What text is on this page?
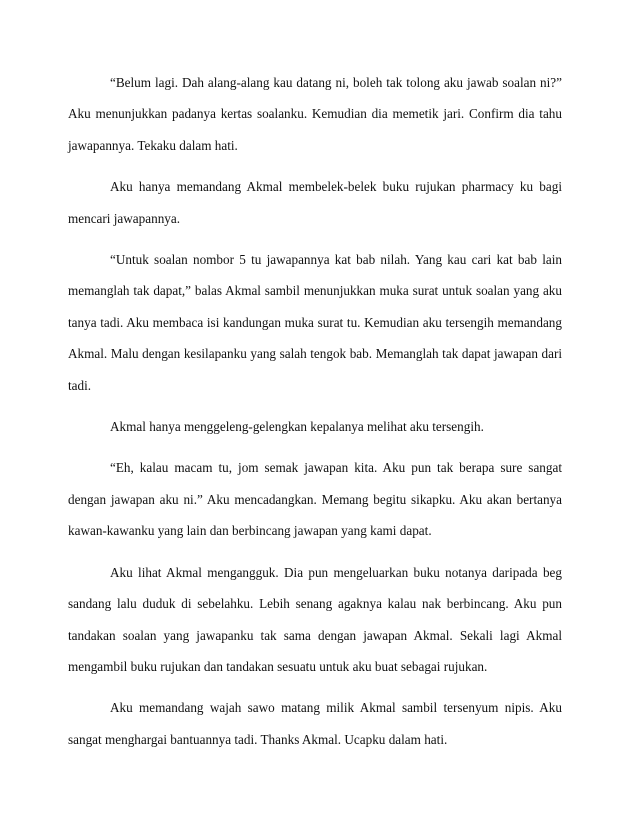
“Belum lagi. Dah alang-alang kau datang ni, boleh tak tolong aku jawab soalan ni?” Aku menunjukkan padanya kertas soalanku. Kemudian dia memetik jari. Confirm dia tahu jawapannya. Tekaku dalam hati.

Aku hanya memandang Akmal membelek-belek buku rujukan pharmacy ku bagi mencari jawapannya.

“Untuk soalan nombor 5 tu jawapannya kat bab nilah. Yang kau cari kat bab lain memanglah tak dapat,” balas Akmal sambil menunjukkan muka surat untuk soalan yang aku tanya tadi. Aku membaca isi kandungan muka surat tu. Kemudian aku tersengih memandang Akmal. Malu dengan kesilapanku yang salah tengok bab. Memanglah tak dapat jawapan dari tadi.

Akmal hanya menggeleng-gelengkan kepalanya melihat aku tersengih.

“Eh, kalau macam tu, jom semak jawapan kita. Aku pun tak berapa sure sangat dengan jawapan aku ni.” Aku mencadangkan. Memang begitu sikapku. Aku akan bertanya kawan-kawanku yang lain dan berbincang jawapan yang kami dapat.

Aku lihat Akmal mengangguk. Dia pun mengeluarkan buku notanya daripada beg sandang lalu duduk di sebelahku. Lebih senang agaknya kalau nak berbincang. Aku pun tandakan soalan yang jawapanku tak sama dengan jawapan Akmal. Sekali lagi Akmal mengambil buku rujukan dan tandakan sesuatu untuk aku buat sebagai rujukan.

Aku memandang wajah sawo matang milik Akmal sambil tersenyum nipis. Aku sangat menghargai bantuannya tadi. Thanks Akmal. Ucapku dalam hati.
